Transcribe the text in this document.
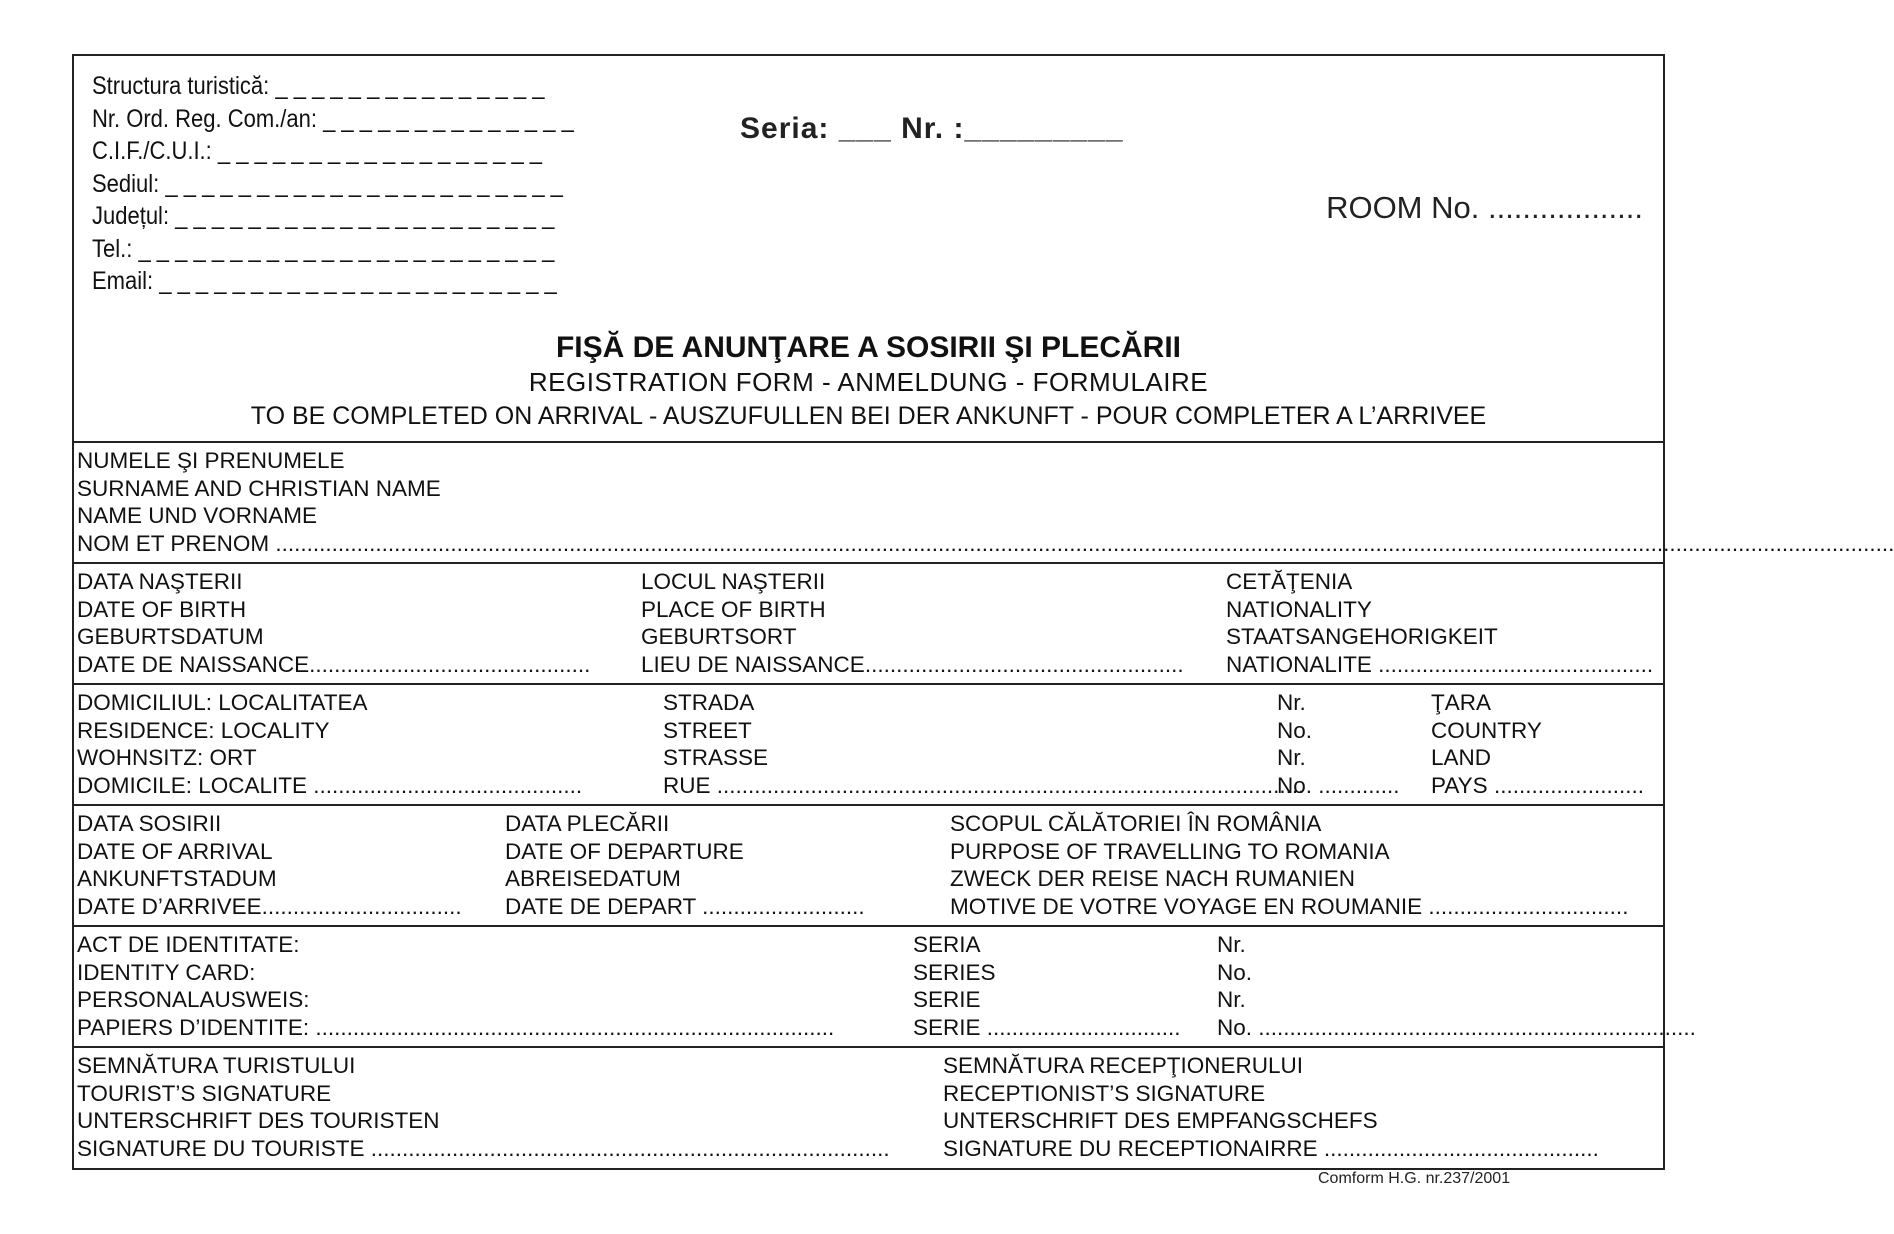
Structura turistică: _ _ _ _ _ _ _ _ _ _ _ _ _ _ _
Nr. Ord. Reg. Com./an: _ _ _ _ _ _ _ _ _ _ _ _ _ _
C.I.F./C.U.I.: _ _ _ _ _ _ _ _ _ _ _ _ _ _ _ _ _ _
Sediul: _ _ _ _ _ _ _ _ _ _ _ _ _ _ _ _ _ _ _ _ _ _
Județul: _ _ _ _ _ _ _ _ _ _ _ _ _ _ _ _ _ _ _ _ _
Tel.: _ _ _ _ _ _ _ _ _ _ _ _ _ _ _ _ _ _ _ _ _ _ _
Email: _ _ _ _ _ _ _ _ _ _ _ _ _ _ _ _ _ _ _ _ _ _
Seria: ___ Nr. :_________
ROOM No. ..................
FIŞĂ DE ANUNŢARE A SOSIRII ŞI PLECĂRII
REGISTRATION FORM - ANMELDUNG - FORMULAIRE
TO BE COMPLETED ON ARRIVAL - AUSZUFULLEN BEI DER ANKUNFT - POUR COMPLETER A L’ARRIVEE
NUMELE ŞI PRENUMELE
SURNAME AND CHRISTIAN NAME
NAME UND VORNAME
NOM ET PRENOM ...................................................................................................................................................................................................................................................................
DATA NAŞTERII
DATE OF BIRTH
GEBURTSDATUM
DATE DE NAISSANCE.............................................
LOCUL NAŞTERII
PLACE OF BIRTH
GEBURTSORT
LIEU DE NAISSANCE...................................................
CETĂŢENIA
NATIONALITY
STAATSANGEHORIGKEIT
NATIONALITE ............................................
DOMICILIUL: LOCALITATEA
RESIDENCE: LOCALITY
WOHNSITZ: ORT
DOMICILE: LOCALITE ...........................................
STRADA
STREET
STRASSE
RUE ..............................................................................................
Nr.
No.
Nr.
No. .............
ŢARA
COUNTRY
LAND
PAYS ........................
DATA SOSIRII
DATE OF ARRIVAL
ANKUNFTSTADUM
DATE D’ARRIVEE................................
DATA PLECĂRII
DATE OF DEPARTURE
ABREISEDATUM
DATE DE DEPART ..........................
SCOPUL CĂLĂTORIEI ÎN ROMÂNIA
PURPOSE OF TRAVELLING TO ROMANIA
ZWECK DER REISE NACH RUMANIEN
MOTIVE DE VOTRE VOYAGE EN ROUMANIE ................................
ACT DE IDENTITATE:
IDENTITY CARD:
PERSONALAUSWEIS:
PAPIERS D’IDENTITE: ...................................................................................
SERIA
SERIES
SERIE
SERIE ...............................
Nr.
No.
Nr.
No. ......................................................................
SEMNĂTURA TURISTULUI
TOURIST’S SIGNATURE
UNTERSCHRIFT DES TOURISTEN
SIGNATURE DU TOURISTE ...................................................................................
SEMNĂTURA RECEPŢIONERULUI
RECEPTIONIST’S SIGNATURE
UNTERSCHRIFT DES EMPFANGSCHEFS
SIGNATURE DU RECEPTIONAIRRE ............................................
Comform H.G. nr.237/2001
